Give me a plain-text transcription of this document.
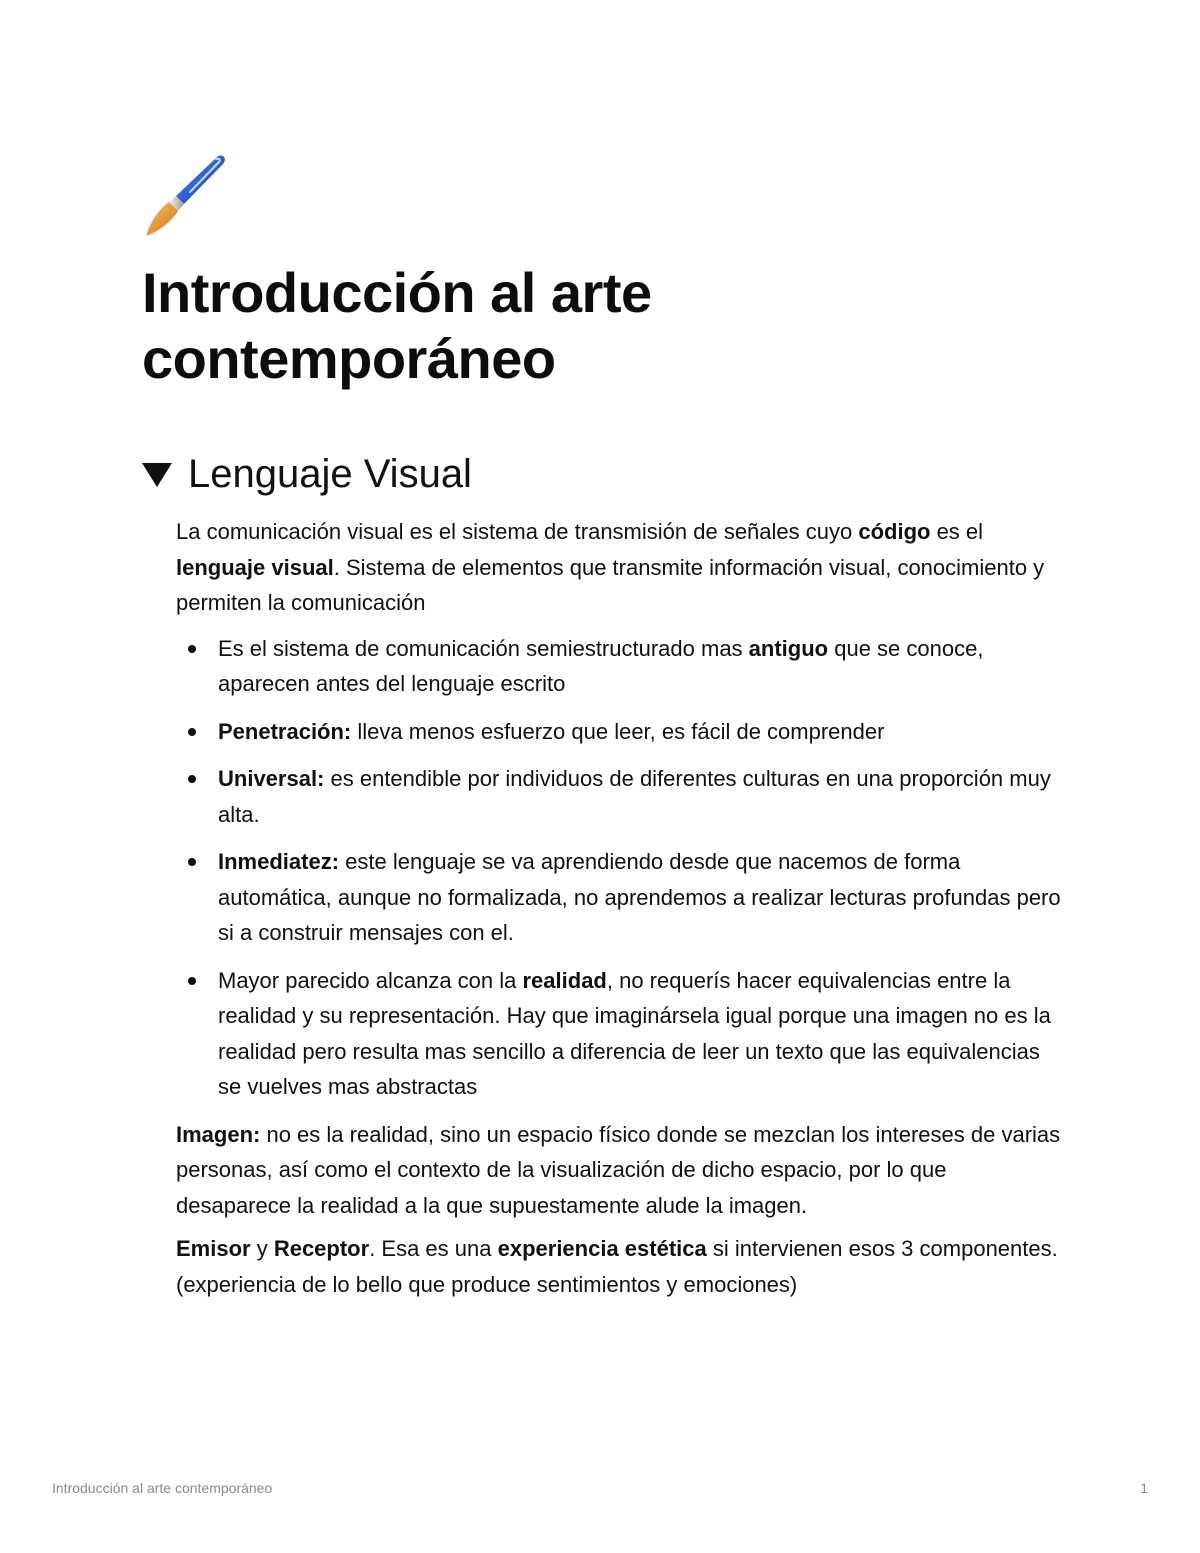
Introducción al arte
contemporáneo
Lenguaje Visual

La comunicación visual es el sistema de transmisión de señales cuyo código es el lenguaje visual. Sistema de elementos que transmite información visual, conocimiento y permiten la comunicación

Es el sistema de comunicación semiestructurado mas antiguo que se conoce, aparecen antes del lenguaje escrito
Penetración: lleva menos esfuerzo que leer, es fácil de comprender
Universal: es entendible por individuos de diferentes culturas en una proporción muy alta.
Inmediatez: este lenguaje se va aprendiendo desde que nacemos de forma automática, aunque no formalizada, no aprendemos a realizar lecturas profundas pero si a construir mensajes con el.
Mayor parecido alcanza con la realidad, no requerís hacer equivalencias entre la realidad y su representación. Hay que imaginársela igual porque una imagen no es la realidad pero resulta mas sencillo a diferencia de leer un texto que las equivalencias se vuelves mas abstractas

Imagen: no es la realidad, sino un espacio físico donde se mezclan los intereses de varias personas, así como el contexto de la visualización de dicho espacio, por lo que desaparece la realidad a la que supuestamente alude la imagen.

Emisor y Receptor. Esa es una experiencia estética si intervienen esos 3 componentes. (experiencia de lo bello que produce sentimientos y emociones)

Introducción al arte contemporáneo	1
